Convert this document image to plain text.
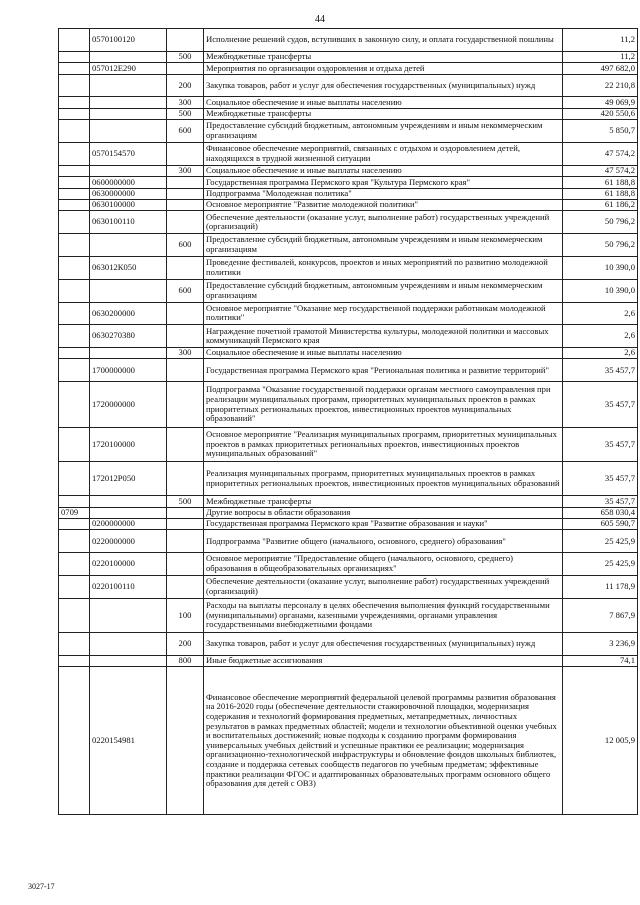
44
	0570100120		Исполнение решений судов, вступивших в законную силу, и оплата государственной пошлины	11,2
		500	Межбюджетные трансферты	11,2
	057012E290		Мероприятия по организации оздоровления и отдыха детей	497 682,0
		200	Закупка товаров, работ и услуг для обеспечения государственных (муниципальных) нужд	22 210,8
		300	Социальное обеспечение и иные выплаты населению	49 069,9
		500	Межбюджетные трансферты	420 550,6
		600	Предоставление субсидий бюджетным, автономным учреждениям и иным некоммерческим организациям	5 850,7
	0570154570		Финансовое обеспечение мероприятий, связанных с отдыхом и оздоровлением детей, находящихся в трудной жизненной ситуации	47 574,2
		300	Социальное обеспечение и иные выплаты населению	47 574,2
	0600000000		Государственная программа Пермского края "Культура Пермского края"	61 188,8
	0630000000		Подпрограмма "Молодежная политика"	61 188,8
	0630100000		Основное мероприятие "Развитие молодежной политики"	61 186,2
	0630100110		Обеспечение деятельности (оказание услуг, выполнение работ) государственных учреждений (организаций)	50 796,2
		600	Предоставление субсидий бюджетным, автономным учреждениям и иным некоммерческим организациям	50 796,2
	063012К050		Проведение фестивалей, конкурсов, проектов и иных мероприятий по развитию молодежной политики	10 390,0
		600	Предоставление субсидий бюджетным, автономным учреждениям и иным некоммерческим организациям	10 390,0
	0630200000		Основное мероприятие "Оказание мер государственной поддержки работникам молодежной политики"	2,6
	0630270380		Награждение почетной грамотой Министерства культуры, молодежной политики и массовых коммуникаций Пермского края	2,6
		300	Социальное обеспечение и иные выплаты населению	2,6
	1700000000		Государственная программа Пермского края "Региональная политика и развитие территорий"	35 457,7
	1720000000		Подпрограмма "Оказание государственной поддержки органам местного самоуправления при реализации муниципальных программ, приоритетных муниципальных проектов в рамках приоритетных региональных проектов, инвестиционных проектов муниципальных образований"	35 457,7
	1720100000		Основное мероприятие "Реализация муниципальных программ, приоритетных муниципальных проектов в рамках приоритетных региональных проектов, инвестиционных проектов муниципальных образований"	35 457,7
	172012Р050		Реализация муниципальных программ, приоритетных муниципальных проектов в рамках приоритетных региональных проектов, инвестиционных проектов муниципальных образований	35 457,7
		500	Межбюджетные трансферты	35 457,7
0709			Другие вопросы в области образования	658 030,4
	0200000000		Государственная программа Пермского края "Развитие образования и науки"	605 590,7
	0220000000		Подпрограмма "Развитие общего (начального, основного, среднего) образования"	25 425,9
	0220100000		Основное мероприятие "Предоставление общего (начального, основного, среднего) образования в общеобразовательных организациях"	25 425,9
	0220100110		Обеспечение деятельности (оказание услуг, выполнение работ) государственных учреждений (организаций)	11 178,9
		100	Расходы на выплаты персоналу в целях обеспечения выполнения функций государственными (муниципальными) органами, казенными учреждениями, органами управления государственными внебюджетными фондами	7 867,9
		200	Закупка товаров, работ и услуг для обеспечения государственных (муниципальных) нужд	3 236,9
		800	Иные бюджетные ассигнования	74,1
	0220154981		Финансовое обеспечение мероприятий федеральной целевой программы развития образования на 2016-2020 годы (обеспечение деятельности стажировочной площадки, модернизация содержания и технологий формирования предметных, метапредметных, личностных результатов в рамках предметных областей; модели и технологии объективной оценки учебных и воспитательных достижений; новые подходы к созданию программ формирования универсальных учебных действий и успешные практики ее реализации; модернизация организационно-технологической инфраструктуры и обновление фондов школьных библиотек, создание и поддержка сетевых сообществ педагогов по учебным предметам; эффективные практики реализации ФГОС и адаптированных образовательных программ основного общего образования для детей с ОВЗ)	12 005,9
3027-17
